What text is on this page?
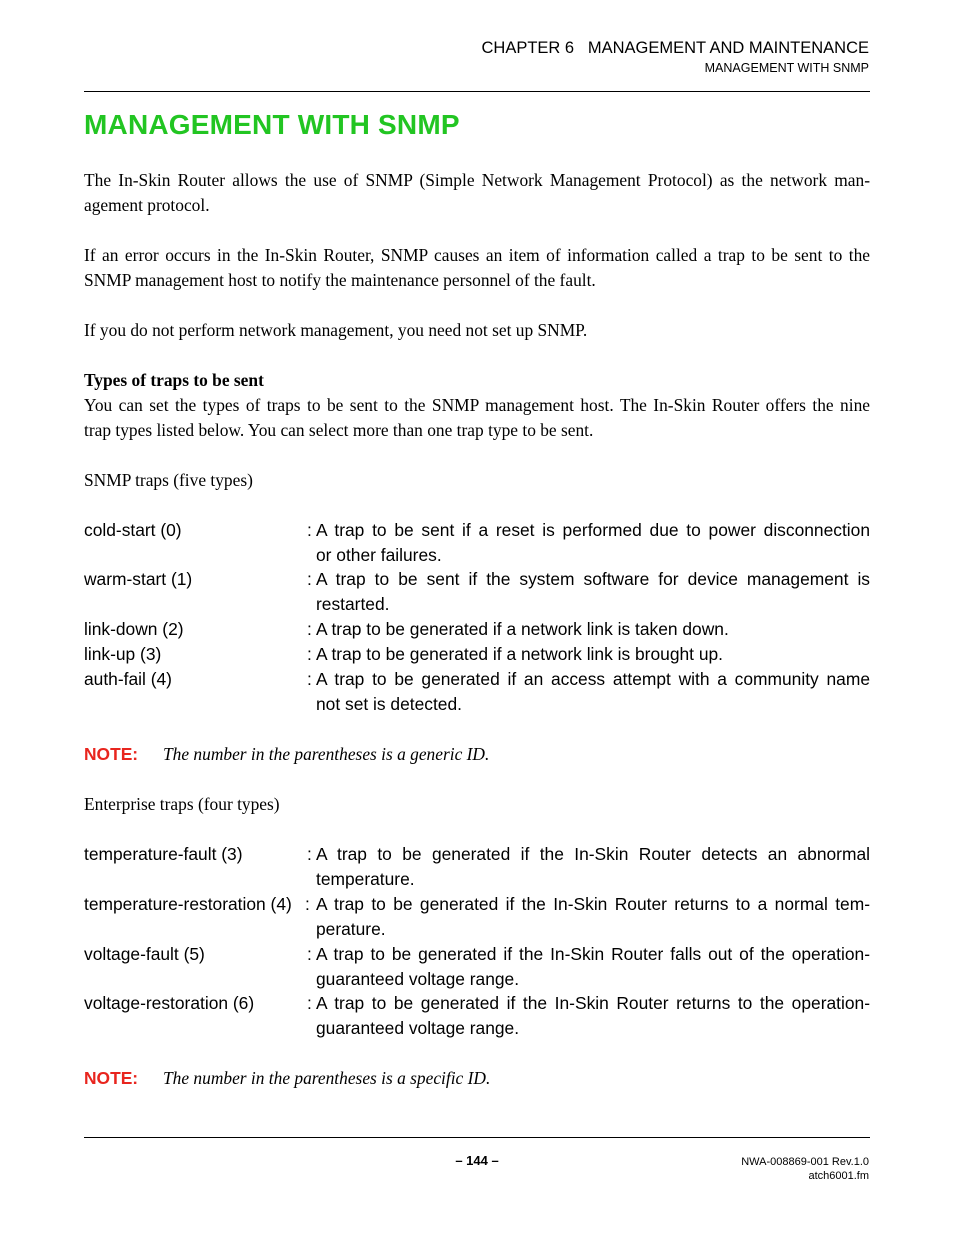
CHAPTER 6   MANAGEMENT AND MAINTENANCE
MANAGEMENT WITH SNMP
MANAGEMENT WITH SNMP
The In-Skin Router allows the use of SNMP (Simple Network Management Protocol) as the network man-
agement protocol.
If an error occurs in the In-Skin Router, SNMP causes an item of information called a trap to be sent to the
SNMP management host to notify the maintenance personnel of the fault.
If you do not perform network management, you need not set up SNMP.
Types of traps to be sent
You can set the types of traps to be sent to the SNMP management host. The In-Skin Router offers the nine
trap types listed below. You can select more than one trap type to be sent.
SNMP traps (five types)
cold-start (0)	: A trap to be sent if a reset is performed due to power disconnection
or other failures.
warm-start (1)	: A trap to be sent if the system software for device management is
restarted.
link-down (2)	: A trap to be generated if a network link is taken down.
link-up (3)	: A trap to be generated if a network link is brought up.
auth-fail (4)	: A trap to be generated if an access attempt with a community name
not set is detected.
NOTE: The number in the parentheses is a generic ID.
Enterprise traps (four types)
temperature-fault (3)	: A trap to be generated if the In-Skin Router detects an abnormal
temperature.
temperature-restoration (4) : A trap to be generated if the In-Skin Router returns to a normal tem-
perature.
voltage-fault (5)	: A trap to be generated if the In-Skin Router falls out of the operation-
guaranteed voltage range.
voltage-restoration (6)	: A trap to be generated if the In-Skin Router returns to the operation-
guaranteed voltage range.
NOTE: The number in the parentheses is a specific ID.
– 144 –	NWA-008869-001 Rev.1.0
atch6001.fm
